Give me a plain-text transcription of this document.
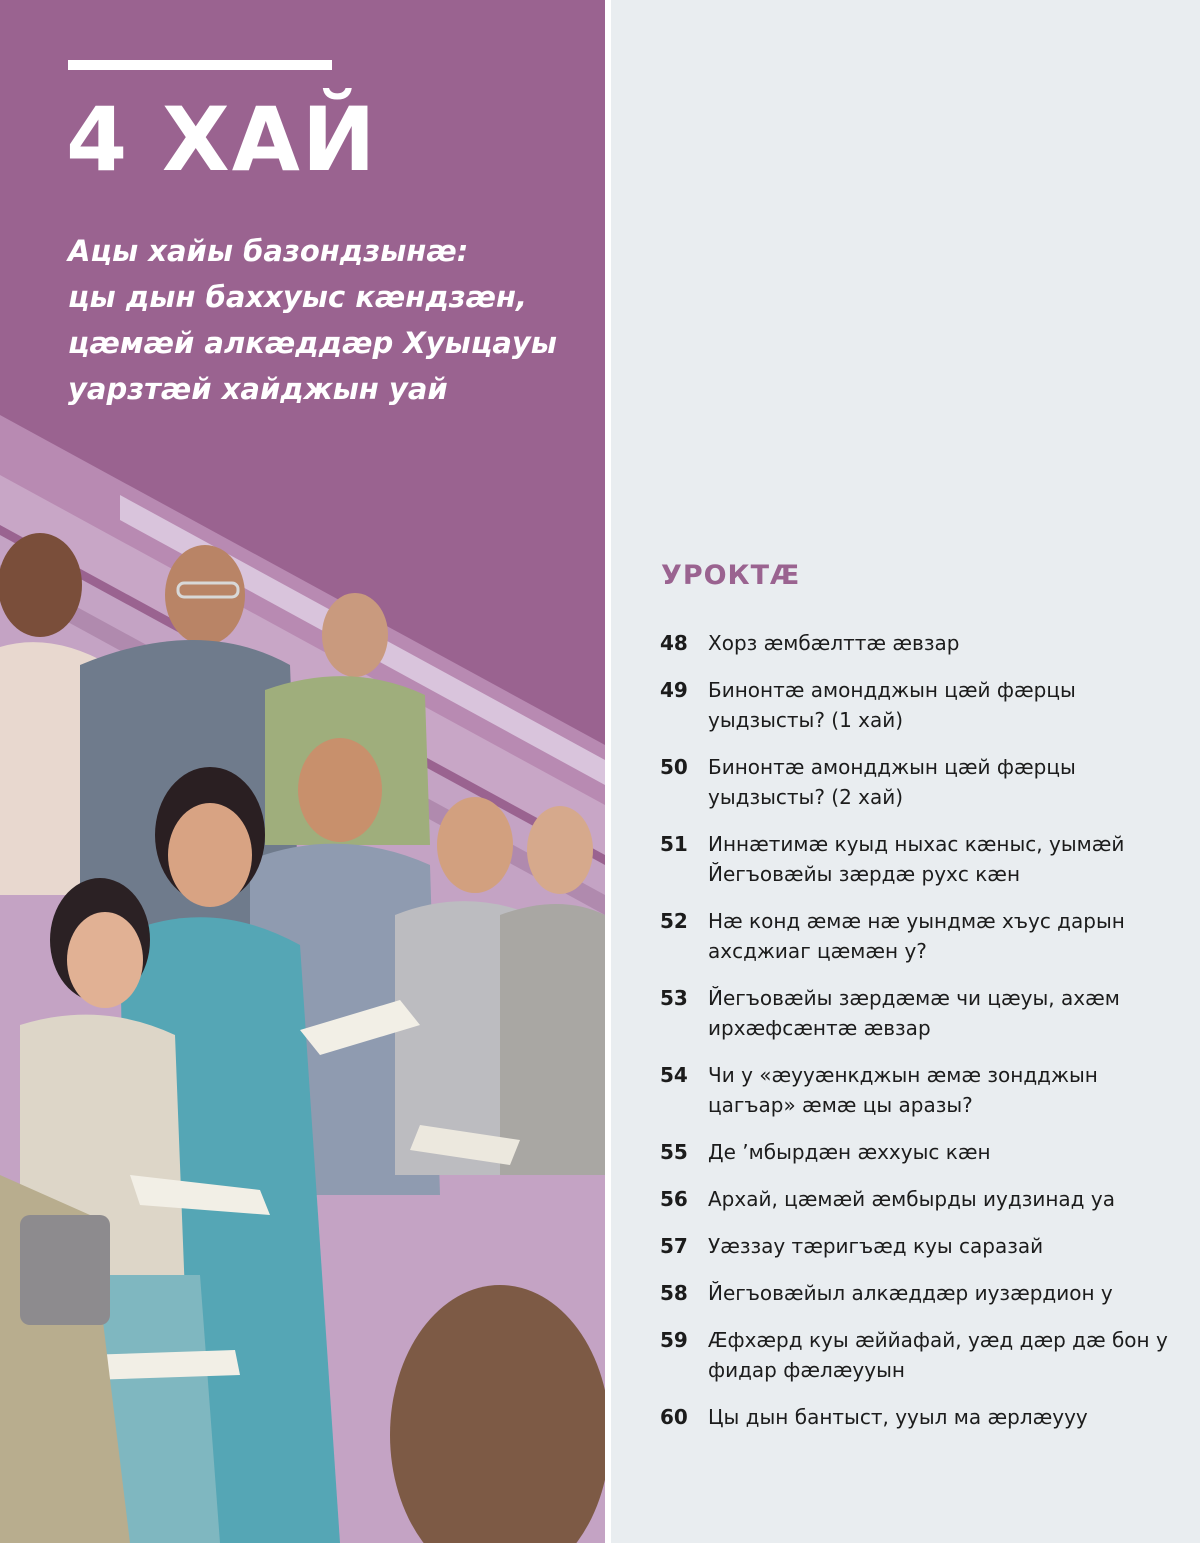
4 ХАЙ

Ацы хайы базондзынæ:
цы дын баххуыс кæндзæн,
цæмæй алкæддæр Хуыцауы
уарзтæй хайджын уай

УРОКТÆ
48	Хорз æмбæлттæ æвзар
49	Бинонтæ амондджын цæй фæрцы уыдзысты? (1 хай)
50	Бинонтæ амондджын цæй фæрцы уыдзысты? (2 хай)
51	Иннæтимæ куыд ныхас кæныс, уымæй Йегъовæйы зæрдæ рухс кæн
52	Нæ конд æмæ нæ уындмæ хъус дарын ахсджиаг цæмæн у?
53	Йегъовæйы зæрдæмæ чи цæуы, ахæм ирхæфсæнтæ æвзар
54	Чи у «æууæнкджын æмæ зондджын цагъар» æмæ цы аразы?
55	Де ’мбырдæн æххуыс кæн
56	Архай, цæмæй æмбырды иудзинад уа
57	Уæззау тæригъæд куы саразай
58	Йегъовæйыл алкæддæр иузæрдион у
59	Æфхæрд куы æййафай, уæд дæр дæ бон у фидар фæлæууын
60	Цы дын бантыст, ууыл ма æрлæууу
